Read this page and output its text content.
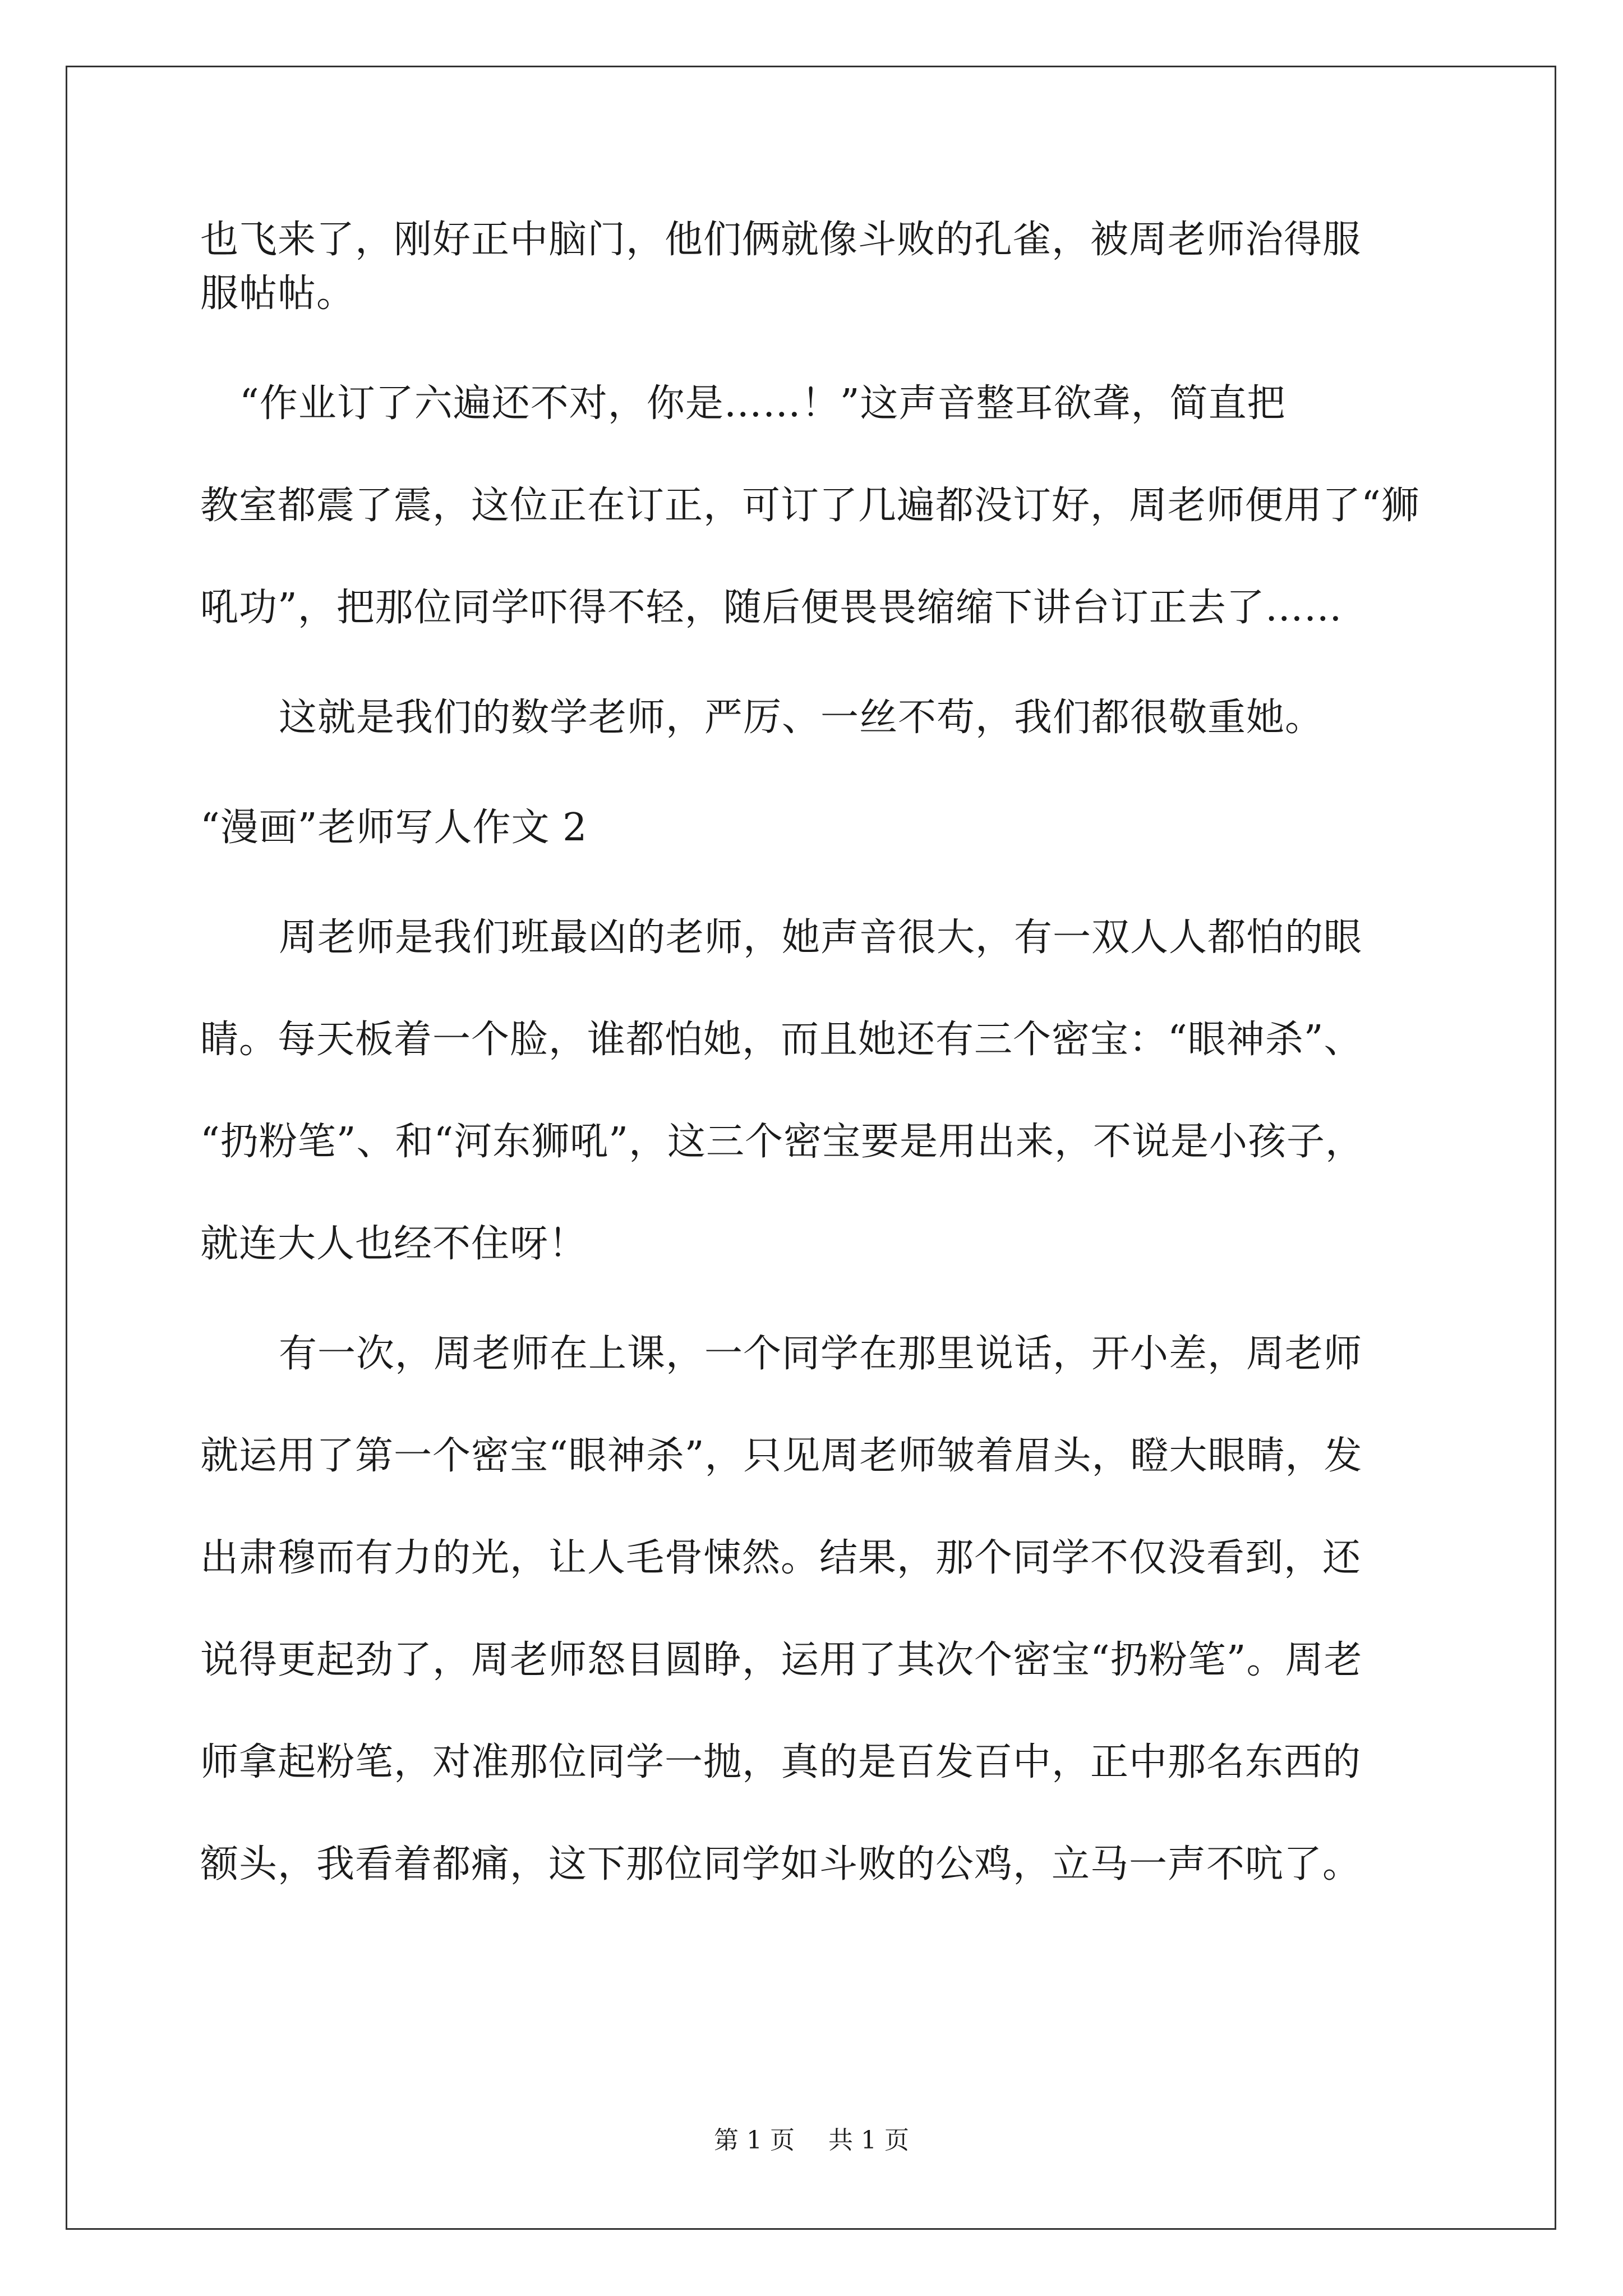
也飞来了，刚好正中脑门，他们俩就像斗败的孔雀，被周老师治得服
服帖帖。
“作业订了六遍还不对，你是……！”这声音整耳欲聋，简直把
教室都震了震，这位正在订正，可订了几遍都没订好，周老师便用了“狮
吼功”，把那位同学吓得不轻，随后便畏畏缩缩下讲台订正去了……
这就是我们的数学老师，严厉、一丝不苟，我们都很敬重她。
“漫画”老师写人作文 2
周老师是我们班最凶的老师，她声音很大，有一双人人都怕的眼
睛。每天板着一个脸，谁都怕她，而且她还有三个密宝：“眼神杀”、
“扔粉笔”、和“河东狮吼”，这三个密宝要是用出来，不说是小孩子，
就连大人也经不住呀！
有一次，周老师在上课，一个同学在那里说话，开小差，周老师
就运用了第一个密宝“眼神杀”，只见周老师皱着眉头，瞪大眼睛，发
出肃穆而有力的光，让人毛骨悚然。结果，那个同学不仅没看到，还
说得更起劲了，周老师怒目圆睁，运用了其次个密宝“扔粉笔”。周老
师拿起粉笔，对准那位同学一抛，真的是百发百中，正中那名东西的
额头，我看着都痛，这下那位同学如斗败的公鸡，立马一声不吭了。
第 1 页 共 1 页
